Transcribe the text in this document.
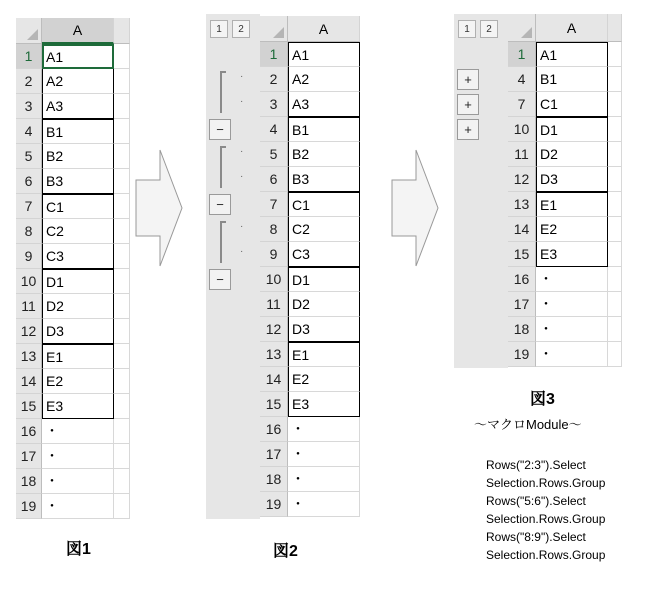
A
1 A1
2 A2
3 A3
4 B1
5 B2
6 B3
7 C1
8 C2
9 C3
10 D1
11 D2
12 D3
13 E1
14 E2
15 E3
16 ・
17 ・
18 ・
19 ・
図1
1	2	A
1	A1
2	A2
3	A3
4	B1
5	B2
6	B3
7	C1
8	C2
9	C3
10 D1
11 D2
12 D3
13 E1
14 E2
15 E3
16 ・
17 ・
18 ・
19 ・
·
·
−
·
·
−
·
·
−
図2
1	2	A
1	A1
4	B1
7	C1
10 D1
11 D2
12 D3
13 E1
14 E2
15 E3
16 ・
17 ・
18 ・
19 ・
+
+
+
図3
〜マクロModule〜
Rows("2:3").Select
Selection.Rows.Group
Rows("5:6").Select
Selection.Rows.Group
Rows("8:9").Select
Selection.Rows.Group
